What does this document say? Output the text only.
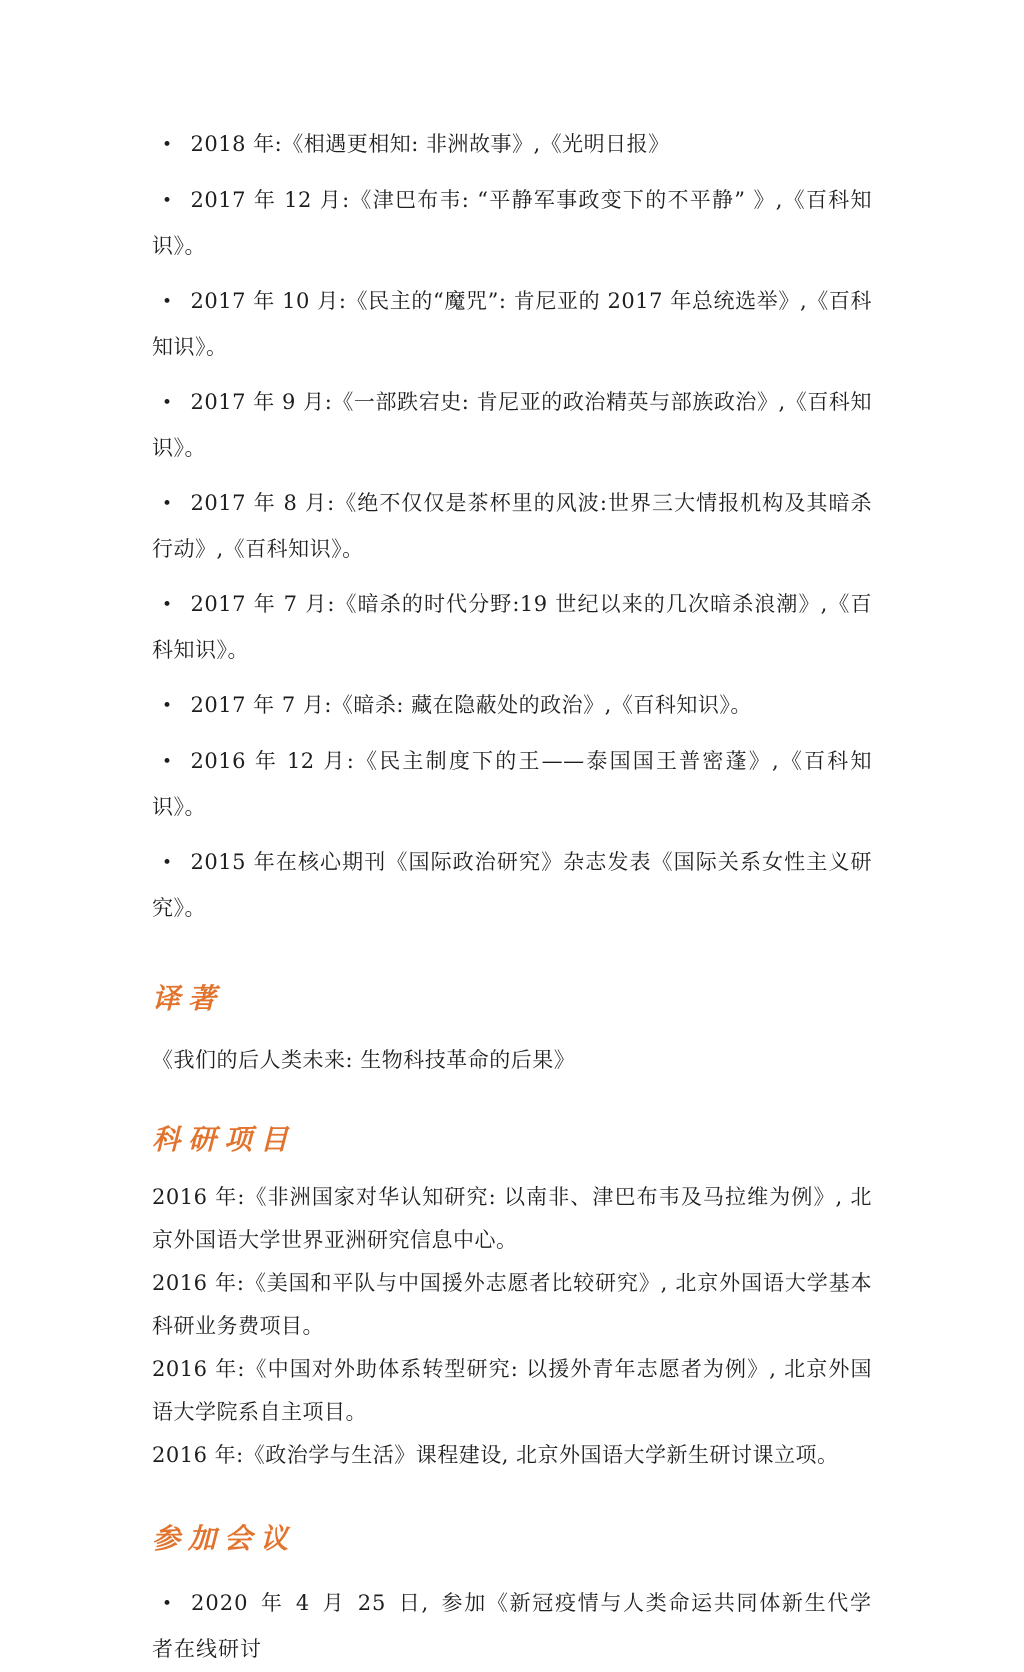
• 2018 年:《相遇更相知: 非洲故事》,《光明日报》
• 2017 年 12 月:《津巴布韦: “平静军事政变下的不平静” 》,《百科知识》。
• 2017 年 10 月:《民主的“魔咒”: 肯尼亚的 2017 年总统选举》,《百科知识》。
• 2017 年 9 月:《一部跌宕史: 肯尼亚的政治精英与部族政治》,《百科知识》。
• 2017 年 8 月:《绝不仅仅是茶杯里的风波:世界三大情报机构及其暗杀行动》,《百科知识》。
• 2017 年 7 月:《暗杀的时代分野:19 世纪以来的几次暗杀浪潮》,《百科知识》。
• 2017 年 7 月:《暗杀: 藏在隐蔽处的政治》,《百科知识》。
• 2016 年 12 月:《民主制度下的王——泰国国王普密蓬》,《百科知识》。
• 2015 年在核心期刊《国际政治研究》杂志发表《国际关系女性主义研究》。
译著

《我们的后人类未来: 生物科技革命的后果》

科研项目

2016 年:《非洲国家对华认知研究: 以南非、津巴布韦及马拉维为例》, 北京外国语大学世界亚洲研究信息中心。

2016 年:《美国和平队与中国援外志愿者比较研究》, 北京外国语大学基本科研业务费项目。

2016 年:《中国对外助体系转型研究: 以援外青年志愿者为例》, 北京外国语大学院系自主项目。

2016 年:《政治学与生活》课程建设, 北京外国语大学新生研讨课立项。

参加会议
• 2020 年 4 月 25 日, 参加《新冠疫情与人类命运共同体新生代学者在线研讨
